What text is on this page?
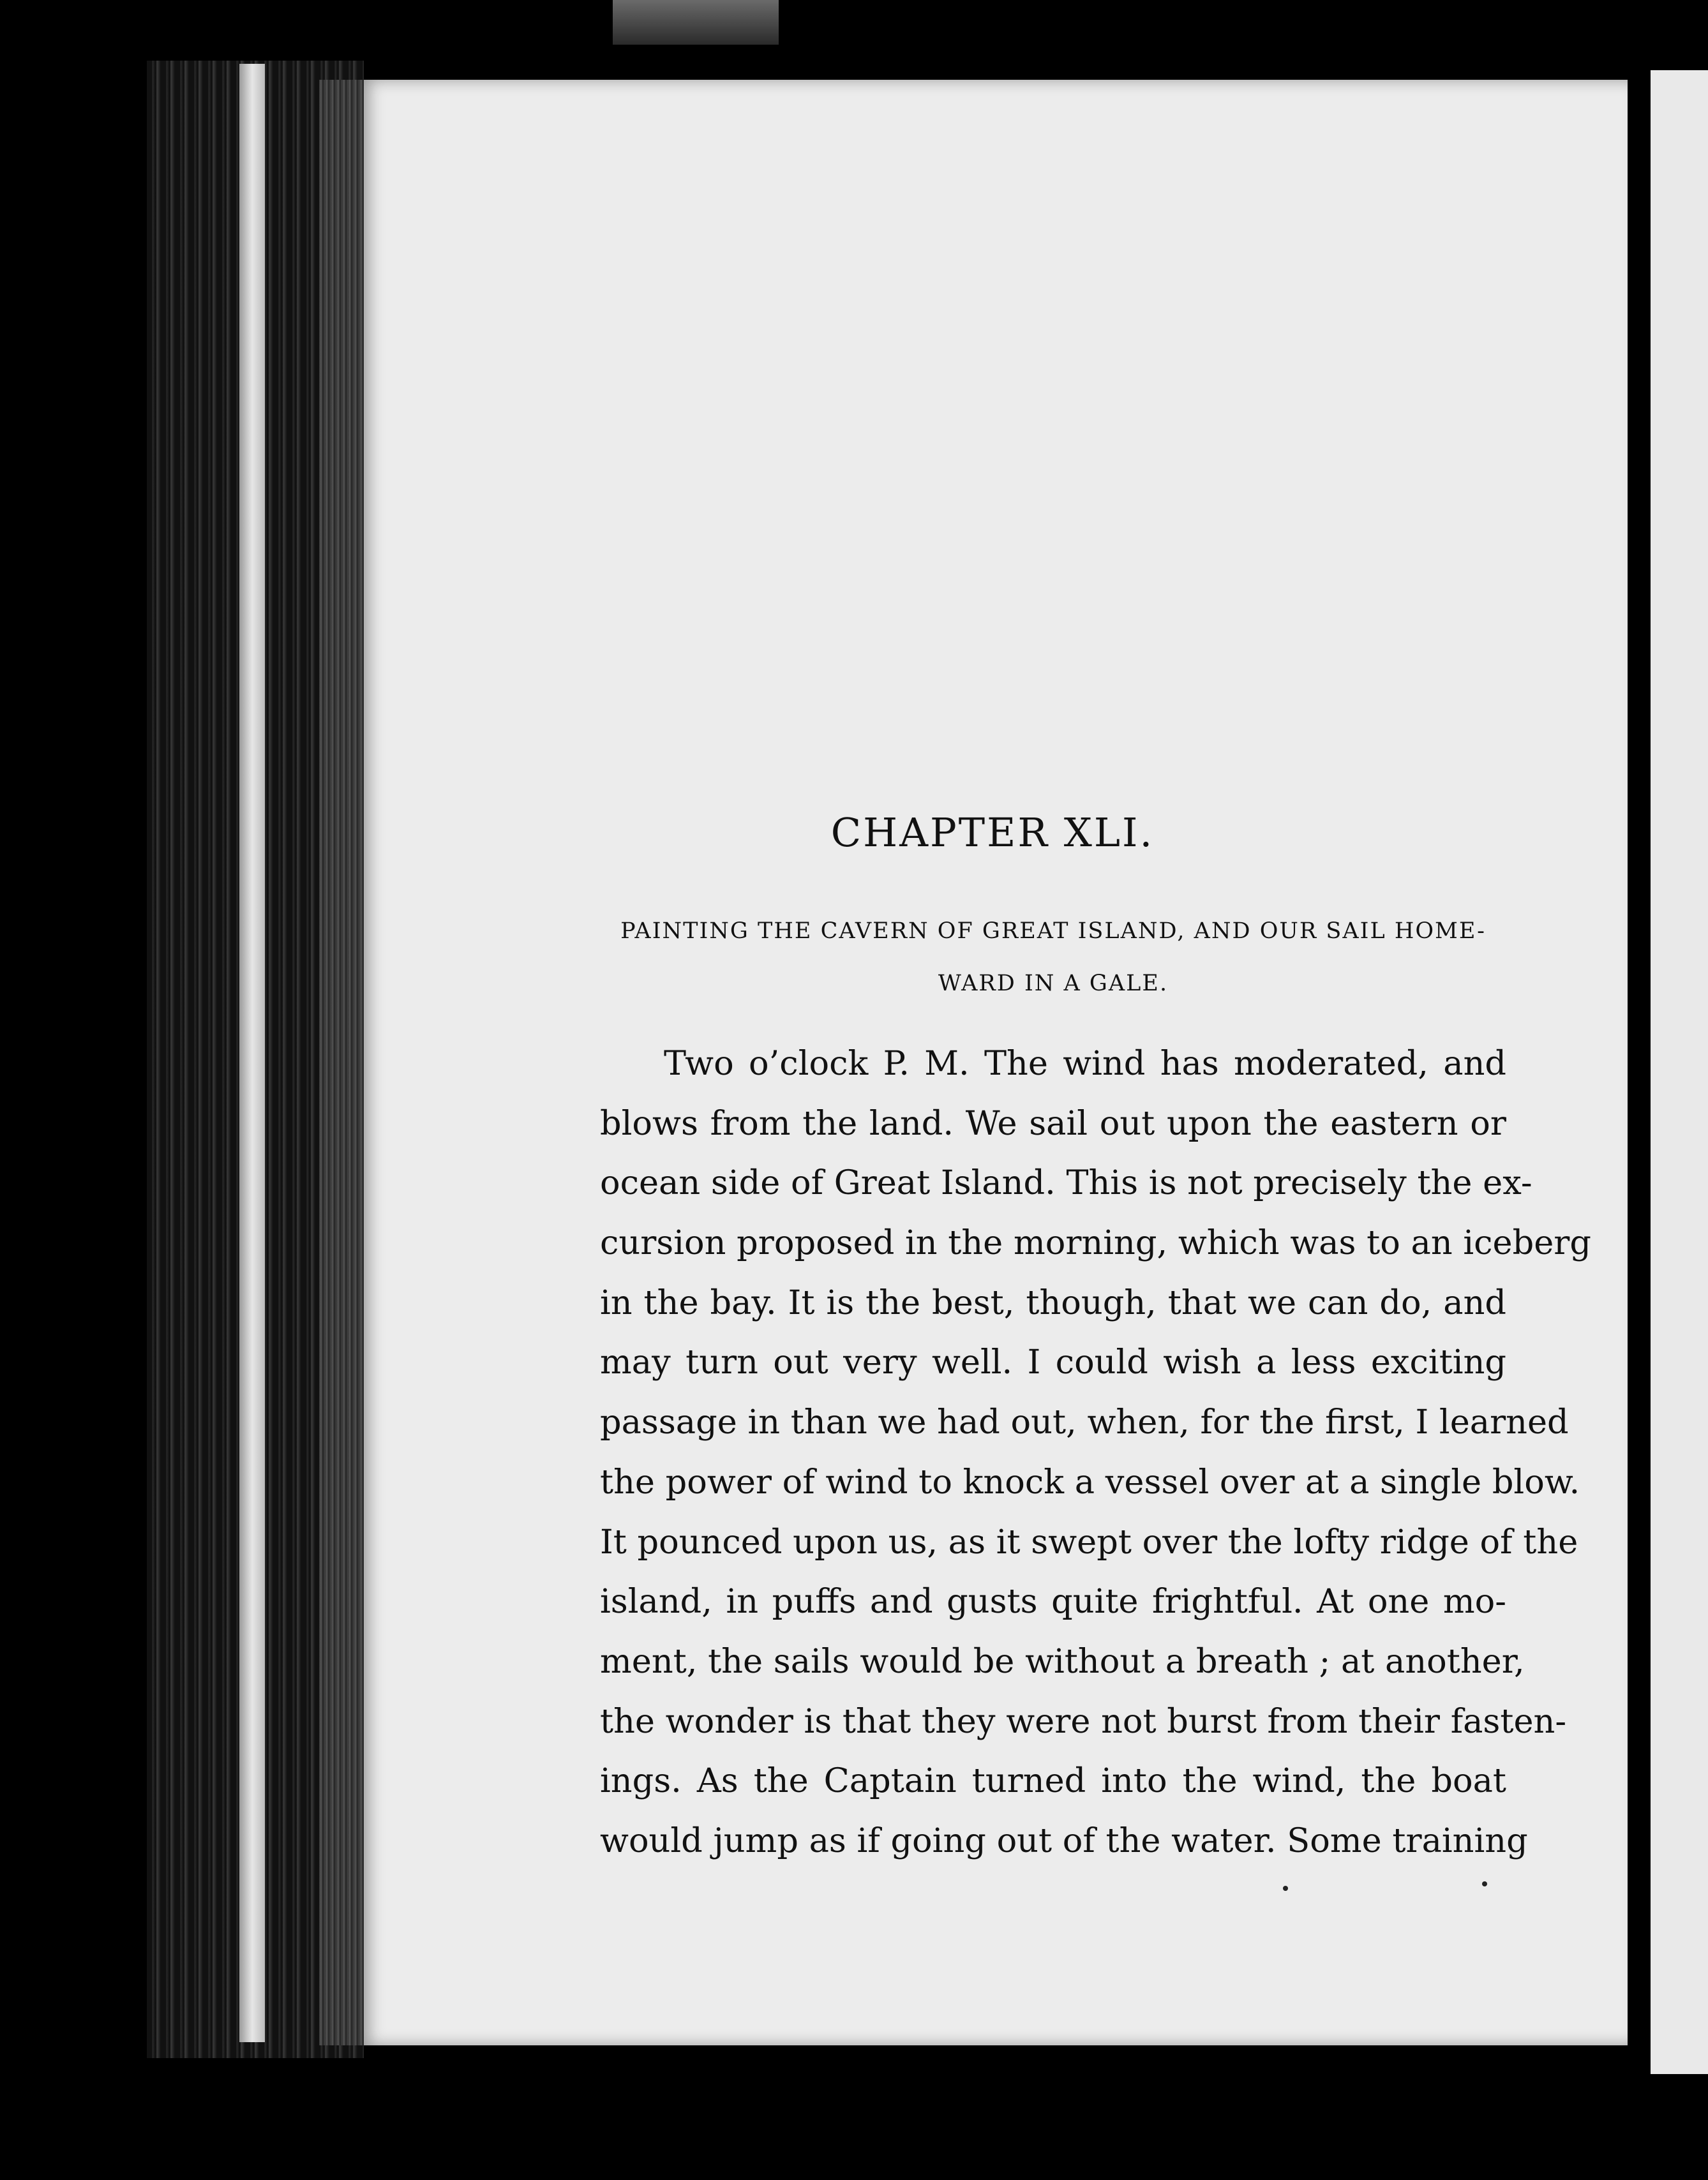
CHAPTER XLI.
PAINTING THE CAVERN OF GREAT ISLAND, AND OUR SAIL HOME-
WARD IN A GALE.
Two o’clock P. M. The wind has moderated, and
blows from the land. We sail out upon the eastern or
ocean side of Great Island. This is not precisely the ex-
cursion proposed in the morning, which was to an iceberg
in the bay. It is the best, though, that we can do, and
may turn out very well. I could wish a less exciting
passage in than we had out, when, for the first, I learned
the power of wind to knock a vessel over at a single blow.
It pounced upon us, as it swept over the lofty ridge of the
island, in puffs and gusts quite frightful. At one mo-
ment, the sails would be without a breath ; at another,
the wonder is that they were not burst from their fasten-
ings. As the Captain turned into the wind, the boat
would jump as if going out of the water. Some training
